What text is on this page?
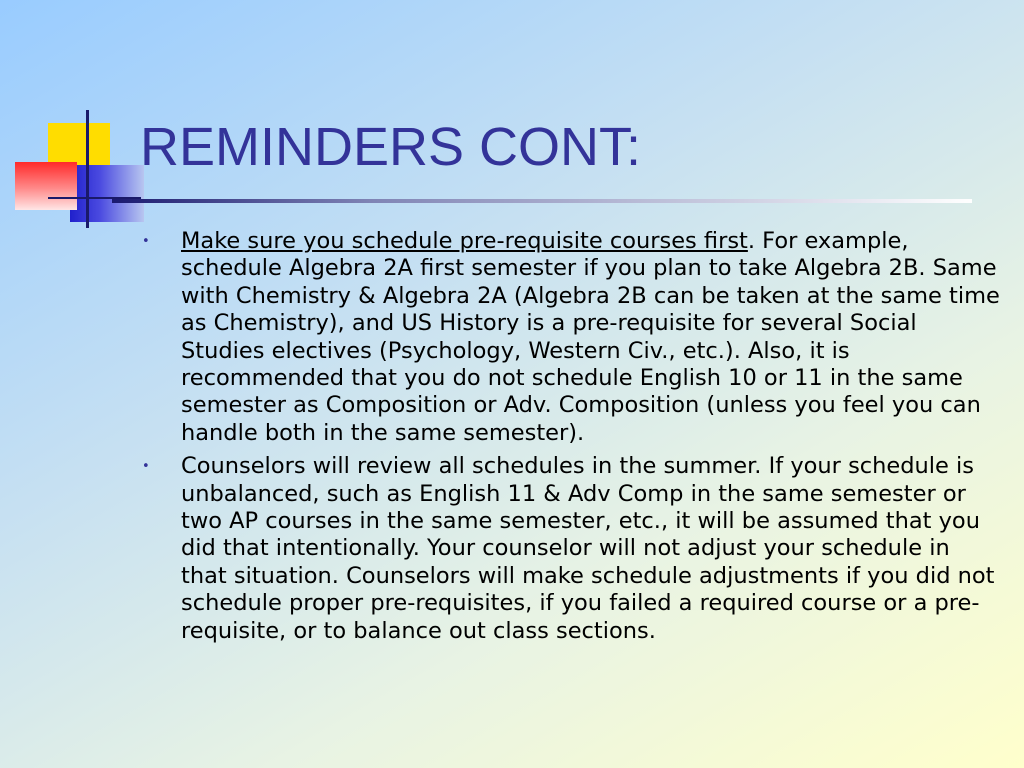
REMINDERS CONT:
• Make sure you schedule pre-requisite courses first. For example, schedule Algebra 2A first semester if you plan to take Algebra 2B. Same with Chemistry & Algebra 2A (Algebra 2B can be taken at the same time as Chemistry), and US History is a pre-requisite for several Social Studies electives (Psychology, Western Civ., etc.). Also, it is recommended that you do not schedule English 10 or 11 in the same semester as Composition or Adv. Composition (unless you feel you can handle both in the same semester).
• Counselors will review all schedules in the summer. If your schedule is unbalanced, such as English 11 & Adv Comp in the same semester or two AP courses in the same semester, etc., it will be assumed that you did that intentionally. Your counselor will not adjust your schedule in that situation. Counselors will make schedule adjustments if you did not schedule proper pre-requisites, if you failed a required course or a pre-requisite, or to balance out class sections.
